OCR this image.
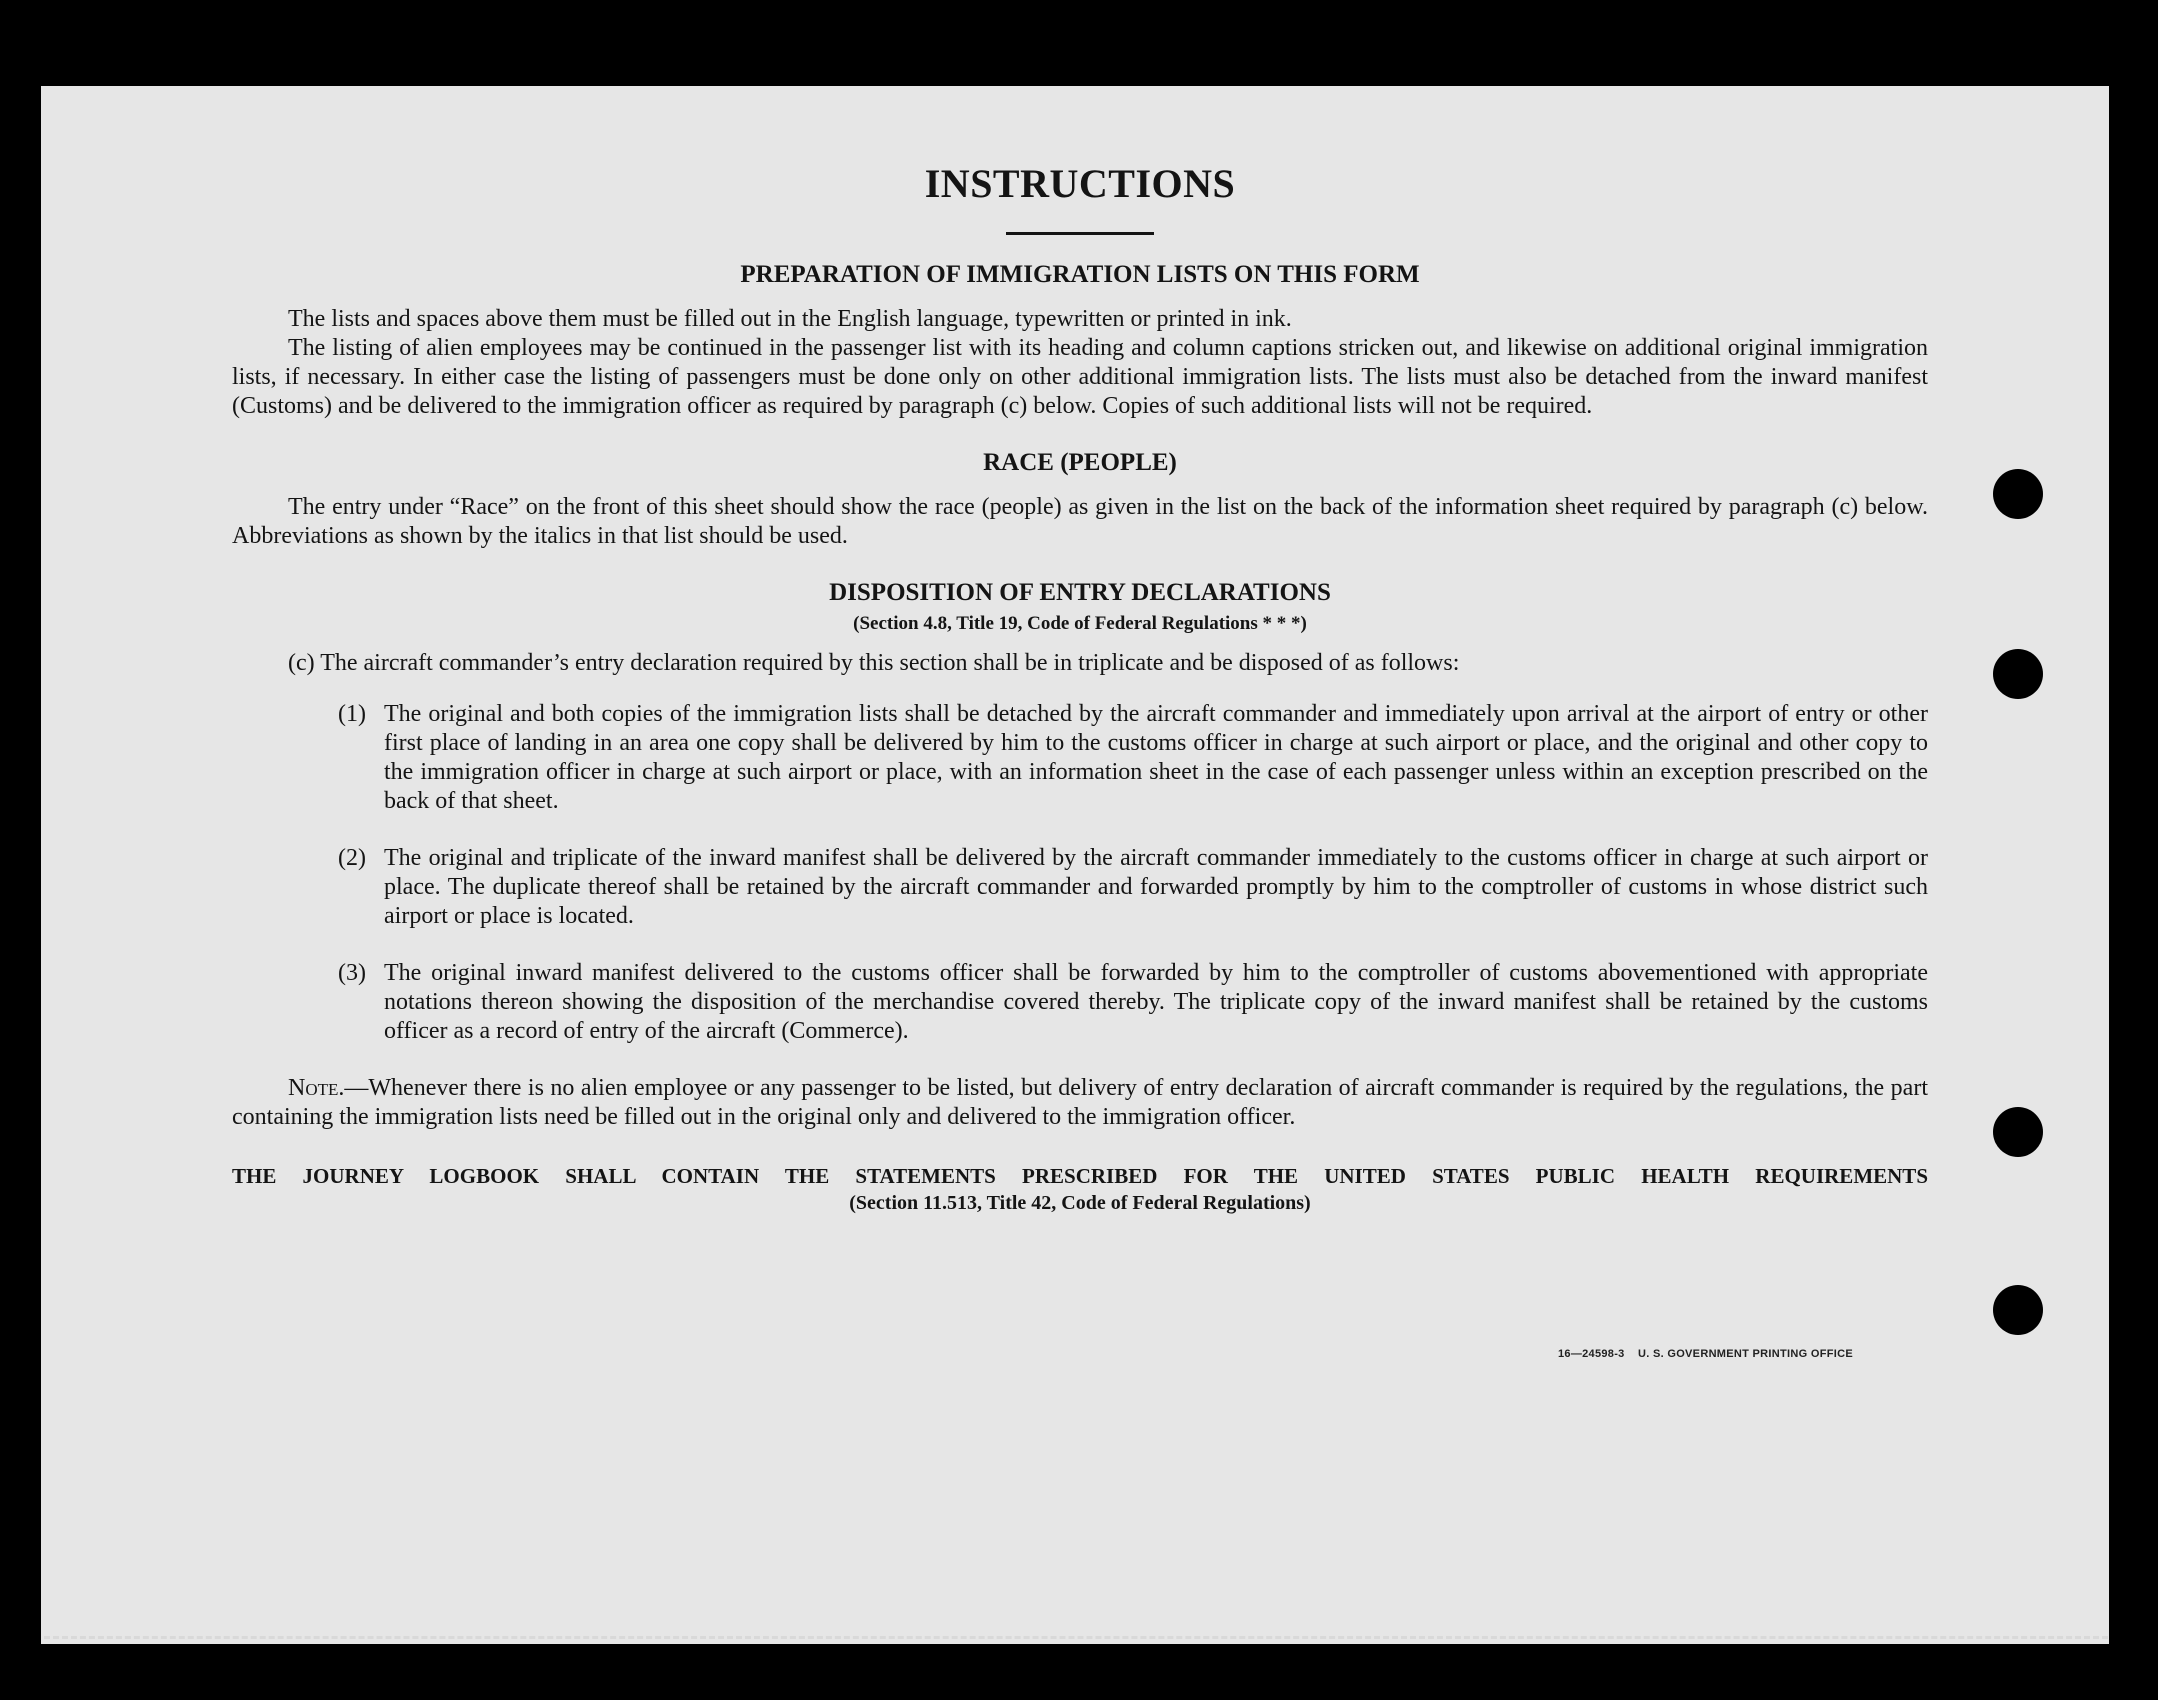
INSTRUCTIONS
PREPARATION OF IMMIGRATION LISTS ON THIS FORM

The lists and spaces above them must be filled out in the English language, typewritten or printed in ink.

The listing of alien employees may be continued in the passenger list with its heading and column captions stricken out, and likewise on additional original immigration lists, if necessary. In either case the listing of passengers must be done only on other additional immigration lists. The lists must also be detached from the inward manifest (Customs) and be delivered to the immigration officer as required by paragraph (c) below. Copies of such additional lists will not be required.

RACE (PEOPLE)

The entry under “Race” on the front of this sheet should show the race (people) as given in the list on the back of the information sheet required by paragraph (c) below. Abbreviations as shown by the italics in that list should be used.

DISPOSITION OF ENTRY DECLARATIONS
(Section 4.8, Title 19, Code of Federal Regulations * * *)

(c) The aircraft commander’s entry declaration required by this section shall be in triplicate and be disposed of as follows:

(1) The original and both copies of the immigration lists shall be detached by the aircraft commander and immediately upon arrival at the airport of entry or other first place of landing in an area one copy shall be delivered by him to the customs officer in charge at such airport or place, and the original and other copy to the immigration officer in charge at such airport or place, with an information sheet in the case of each passenger unless within an exception prescribed on the back of that sheet.
(2) The original and triplicate of the inward manifest shall be delivered by the aircraft commander immediately to the customs officer in charge at such airport or place. The duplicate thereof shall be retained by the aircraft commander and forwarded promptly by him to the comptroller of customs in whose district such airport or place is located.
(3) The original inward manifest delivered to the customs officer shall be forwarded by him to the comptroller of customs abovementioned with appropriate notations thereon showing the disposition of the merchandise covered thereby. The triplicate copy of the inward manifest shall be retained by the customs officer as a record of entry of the aircraft (Commerce).

Note.—Whenever there is no alien employee or any passenger to be listed, but delivery of entry declaration of aircraft commander is required by the regulations, the part containing the immigration lists need be filled out in the original only and delivered to the immigration officer.

THE JOURNEY LOGBOOK SHALL CONTAIN THE STATEMENTS PRESCRIBED FOR THE UNITED STATES PUBLIC HEALTH REQUIREMENTS
(Section 11.513, Title 42, Code of Federal Regulations)
16—24598-3    U. S. GOVERNMENT PRINTING OFFICE
